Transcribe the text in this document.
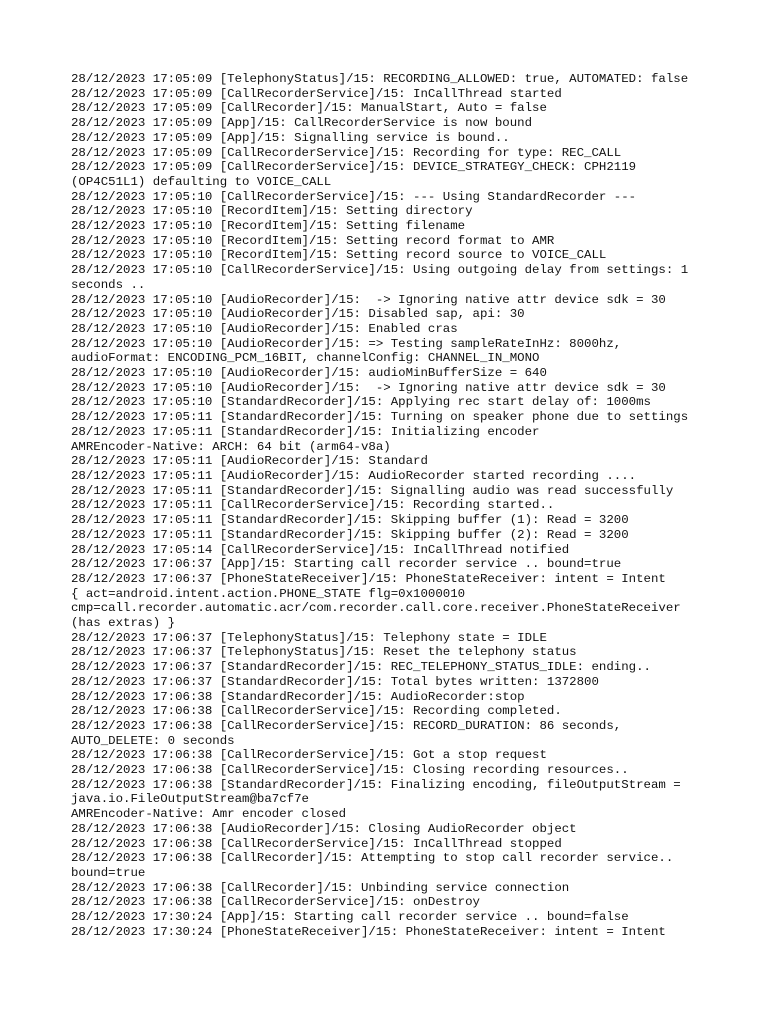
28/12/2023 17:05:09 [TelephonyStatus]/15: RECORDING_ALLOWED: true, AUTOMATED: false
28/12/2023 17:05:09 [CallRecorderService]/15: InCallThread started
28/12/2023 17:05:09 [CallRecorder]/15: ManualStart, Auto = false
28/12/2023 17:05:09 [App]/15: CallRecorderService is now bound
28/12/2023 17:05:09 [App]/15: Signalling service is bound..
28/12/2023 17:05:09 [CallRecorderService]/15: Recording for type: REC_CALL
28/12/2023 17:05:09 [CallRecorderService]/15: DEVICE_STRATEGY_CHECK: CPH2119
(OP4C51L1) defaulting to VOICE_CALL
28/12/2023 17:05:10 [CallRecorderService]/15: --- Using StandardRecorder ---
28/12/2023 17:05:10 [RecordItem]/15: Setting directory
28/12/2023 17:05:10 [RecordItem]/15: Setting filename
28/12/2023 17:05:10 [RecordItem]/15: Setting record format to AMR
28/12/2023 17:05:10 [RecordItem]/15: Setting record source to VOICE_CALL
28/12/2023 17:05:10 [CallRecorderService]/15: Using outgoing delay from settings: 1
seconds ..
28/12/2023 17:05:10 [AudioRecorder]/15:  -> Ignoring native attr device sdk = 30
28/12/2023 17:05:10 [AudioRecorder]/15: Disabled sap, api: 30
28/12/2023 17:05:10 [AudioRecorder]/15: Enabled cras
28/12/2023 17:05:10 [AudioRecorder]/15: => Testing sampleRateInHz: 8000hz,
audioFormat: ENCODING_PCM_16BIT, channelConfig: CHANNEL_IN_MONO
28/12/2023 17:05:10 [AudioRecorder]/15: audioMinBufferSize = 640
28/12/2023 17:05:10 [AudioRecorder]/15:  -> Ignoring native attr device sdk = 30
28/12/2023 17:05:10 [StandardRecorder]/15: Applying rec start delay of: 1000ms
28/12/2023 17:05:11 [StandardRecorder]/15: Turning on speaker phone due to settings
28/12/2023 17:05:11 [StandardRecorder]/15: Initializing encoder
AMREncoder-Native: ARCH: 64 bit (arm64-v8a)
28/12/2023 17:05:11 [AudioRecorder]/15: Standard
28/12/2023 17:05:11 [AudioRecorder]/15: AudioRecorder started recording ....
28/12/2023 17:05:11 [StandardRecorder]/15: Signalling audio was read successfully
28/12/2023 17:05:11 [CallRecorderService]/15: Recording started..
28/12/2023 17:05:11 [StandardRecorder]/15: Skipping buffer (1): Read = 3200
28/12/2023 17:05:11 [StandardRecorder]/15: Skipping buffer (2): Read = 3200
28/12/2023 17:05:14 [CallRecorderService]/15: InCallThread notified
28/12/2023 17:06:37 [App]/15: Starting call recorder service .. bound=true
28/12/2023 17:06:37 [PhoneStateReceiver]/15: PhoneStateReceiver: intent = Intent
{ act=android.intent.action.PHONE_STATE flg=0x1000010
cmp=call.recorder.automatic.acr/com.recorder.call.core.receiver.PhoneStateReceiver
(has extras) }
28/12/2023 17:06:37 [TelephonyStatus]/15: Telephony state = IDLE
28/12/2023 17:06:37 [TelephonyStatus]/15: Reset the telephony status
28/12/2023 17:06:37 [StandardRecorder]/15: REC_TELEPHONY_STATUS_IDLE: ending..
28/12/2023 17:06:37 [StandardRecorder]/15: Total bytes written: 1372800
28/12/2023 17:06:38 [StandardRecorder]/15: AudioRecorder:stop
28/12/2023 17:06:38 [CallRecorderService]/15: Recording completed.
28/12/2023 17:06:38 [CallRecorderService]/15: RECORD_DURATION: 86 seconds,
AUTO_DELETE: 0 seconds
28/12/2023 17:06:38 [CallRecorderService]/15: Got a stop request
28/12/2023 17:06:38 [CallRecorderService]/15: Closing recording resources..
28/12/2023 17:06:38 [StandardRecorder]/15: Finalizing encoding, fileOutputStream =
java.io.FileOutputStream@ba7cf7e
AMREncoder-Native: Amr encoder closed
28/12/2023 17:06:38 [AudioRecorder]/15: Closing AudioRecorder object
28/12/2023 17:06:38 [CallRecorderService]/15: InCallThread stopped
28/12/2023 17:06:38 [CallRecorder]/15: Attempting to stop call recorder service..
bound=true
28/12/2023 17:06:38 [CallRecorder]/15: Unbinding service connection
28/12/2023 17:06:38 [CallRecorderService]/15: onDestroy
28/12/2023 17:30:24 [App]/15: Starting call recorder service .. bound=false
28/12/2023 17:30:24 [PhoneStateReceiver]/15: PhoneStateReceiver: intent = Intent
